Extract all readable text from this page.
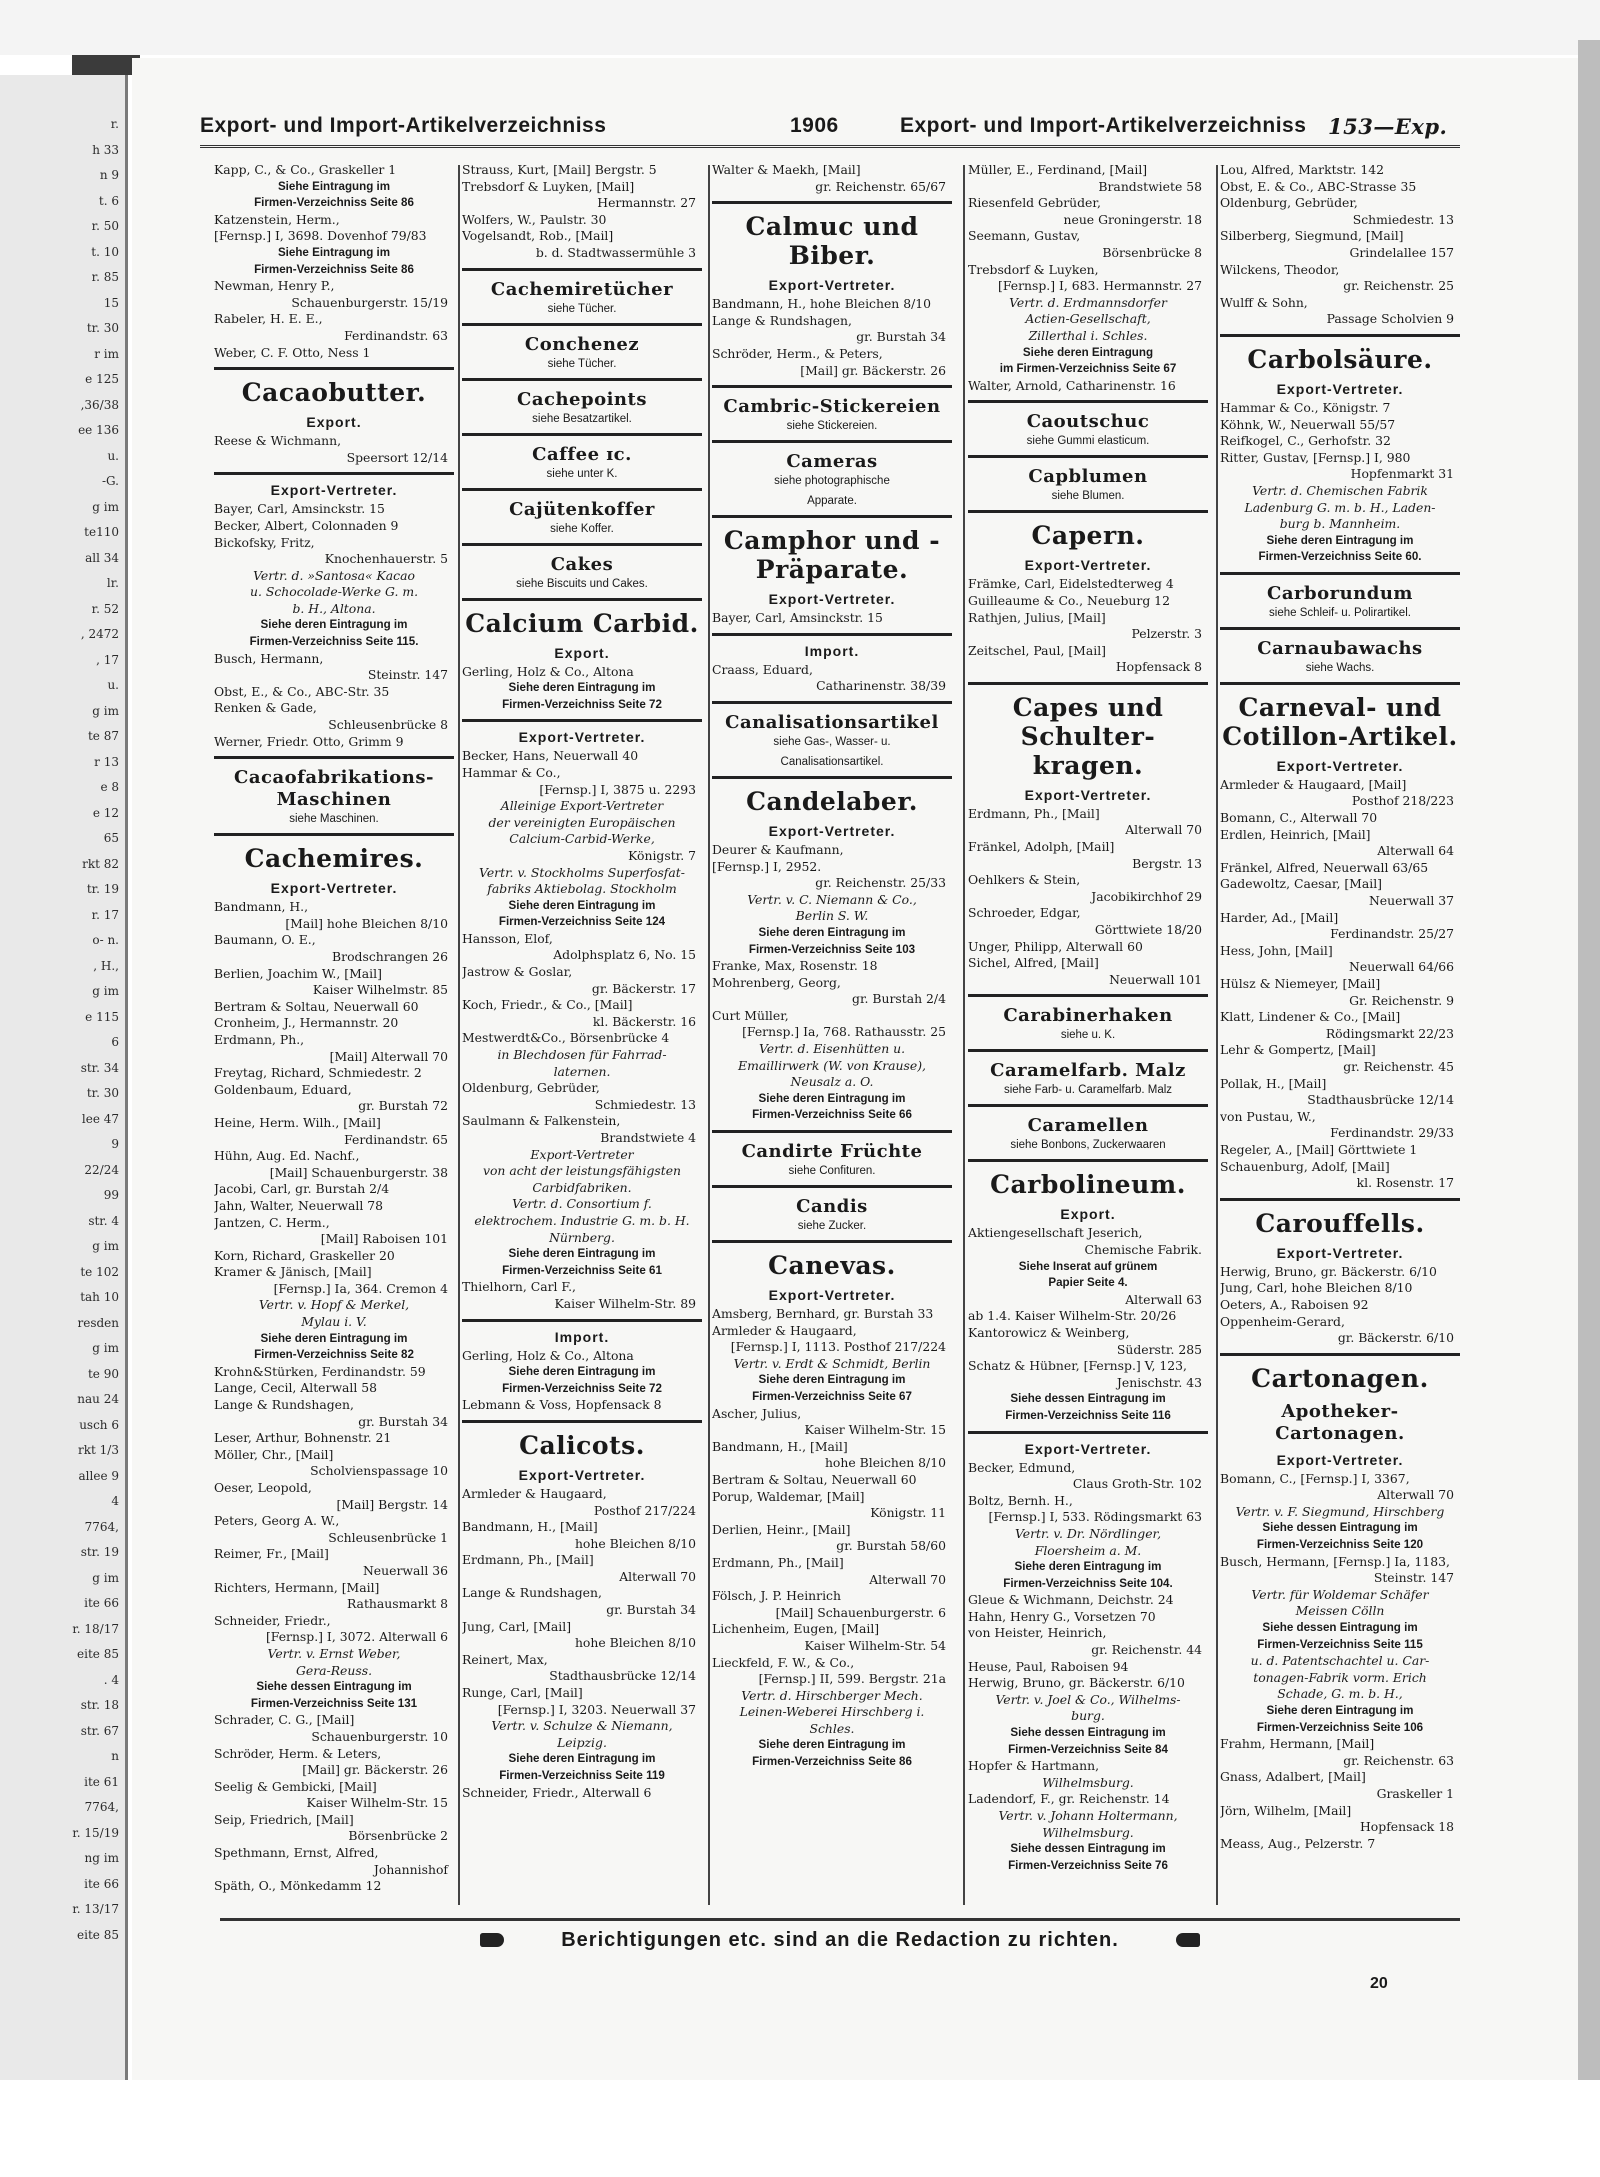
r.
h 33
n 9
t. 6
r. 50
t. 10
r. 85
15
tr. 30
r im
e 125
,36/38
ee 136
u.
-G.
g im
te110
all 34
lr.
r. 52
, 2472
, 17
u.
g im
te 87
r 13
e 8
e 12
65
rkt 82
tr. 19
r. 17
o- n.
, H.,
g im
e 115
6
str. 34
tr. 30
lee 47
9
22/24
99
str. 4
g im
te 102
tah 10
resden
g im
te 90
nau 24
usch 6
rkt 1/3
allee 9
4
7764,
str. 19
g im
ite 66
r. 18/17
eite 85
. 4
str. 18
str. 67
n
ite 61
7764,
r. 15/19
ng im
ite 66
r. 13/17
eite 85
Export- und Import-Artikelverzeichniss	1906	Export- und Import-Artikelverzeichniss 153—Exp.
Kapp, C., & Co., Graskeller 1
Siehe Eintragung im
Firmen-Verzeichniss Seite 86
Katzenstein, Herm.,
[Fernsp.] I, 3698. Dovenhof 79/83
Siehe Eintragung im
Firmen-Verzeichniss Seite 86
Newman, Henry P.,
Schauenburgerstr. 15/19
Rabeler, H. E. E.,
Ferdinandstr. 63
Weber, C. F. Otto, Ness 1
Cacaobutter.
Export.
Reese & Wichmann,
Speersort 12/14
Export-Vertreter.
Bayer, Carl, Amsinckstr. 15
Becker, Albert, Colonnaden 9
Bickofsky, Fritz,
Knochenhauerstr. 5
Vertr. d. »Santosa« Kacao
u. Schocolade-Werke G. m.
b. H., Altona.
Siehe deren Eintragung im
Firmen-Verzeichniss Seite 115.
Busch, Hermann,
Steinstr. 147
Obst, E., & Co., ABC-Str. 35
Renken & Gade,
Schleusenbrücke 8
Werner, Friedr. Otto, Grimm 9
Cacaofabrikations-Maschinen
siehe Maschinen.
Cachemires.
Export-Vertreter.
Bandmann, H.,
[Mail] hohe Bleichen 8/10
Baumann, O. E.,
Brodschrangen 26
Berlien, Joachim W., [Mail]
Kaiser Wilhelmstr. 85
Bertram & Soltau, Neuerwall 60
Cronheim, J., Hermannstr. 20
Erdmann, Ph.,
[Mail] Alterwall 70
Freytag, Richard, Schmiedestr. 2
Goldenbaum, Eduard,
gr. Burstah 72
Heine, Herm. Wilh., [Mail]
Ferdinandstr. 65
Hühn, Aug. Ed. Nachf.,
[Mail] Schauenburgerstr. 38
Jacobi, Carl, gr. Burstah 2/4
Jahn, Walter, Neuerwall 78
Jantzen, C. Herm.,
[Mail] Raboisen 101
Korn, Richard, Graskeller 20
Kramer & Jänisch, [Mail]
[Fernsp.] Ia, 364. Cremon 4
Vertr. v. Hopf & Merkel,
Mylau i. V.
Siehe deren Eintragung im
Firmen-Verzeichniss Seite 82
Krohn&Stürken, Ferdinandstr. 59
Lange, Cecil, Alterwall 58
Lange & Rundshagen,
gr. Burstah 34
Leser, Arthur, Bohnenstr. 21
Möller, Chr., [Mail]
Scholvienspassage 10
Oeser, Leopold,
[Mail] Bergstr. 14
Peters, Georg A. W.,
Schleusenbrücke 1
Reimer, Fr., [Mail]
Neuerwall 36
Richters, Hermann, [Mail]
Rathausmarkt 8
Schneider, Friedr.,
[Fernsp.] I, 3072. Alterwall 6
Vertr. v. Ernst Weber,
Gera-Reuss.
Siehe dessen Eintragung im
Firmen-Verzeichniss Seite 131
Schrader, C. G., [Mail]
Schauenburgerstr. 10
Schröder, Herm. & Leters,
[Mail] gr. Bäckerstr. 26
Seelig & Gembicki, [Mail]
Kaiser Wilhelm-Str. 15
Seip, Friedrich, [Mail]
Börsenbrücke 2
Spethmann, Ernst, Alfred,
Johannishof
Späth, O., Mönkedamm 12
Strauss, Kurt, [Mail] Bergstr. 5
Trebsdorf & Luyken, [Mail]
Hermannstr. 27
Wolfers, W., Paulstr. 30
Vogelsandt, Rob., [Mail]
b. d. Stadtwassermühle 3
Cachemiretücher
siehe Tücher.
Conchenez
siehe Tücher.
Cachepoints
siehe Besatzartikel.
Caffee ɪc.
siehe unter K.
Cajütenkoffer
siehe Koffer.
Cakes
siehe Biscuits und Cakes.
Calcium Carbid.
Export.
Gerling, Holz & Co., Altona
Siehe deren Eintragung im
Firmen-Verzeichniss Seite 72
Export-Vertreter.
Becker, Hans, Neuerwall 40
Hammar & Co.,
[Fernsp.] I, 3875 u. 2293
Alleinige Export-Vertreter
der vereinigten Europäischen
Calcium-Carbid-Werke,
Königstr. 7
Vertr. v. Stockholms Superfosfat-
fabriks Aktiebolag. Stockholm
Siehe deren Eintragung im
Firmen-Verzeichniss Seite 124
Hansson, Elof,
Adolphsplatz 6, No. 15
Jastrow & Goslar,
gr. Bäckerstr. 17
Koch, Friedr., & Co., [Mail]
kl. Bäckerstr. 16
Mestwerdt&Co., Börsenbrücke 4
in Blechdosen für Fahrrad-
laternen.
Oldenburg, Gebrüder,
Schmiedestr. 13
Saulmann & Falkenstein,
Brandstwiete 4
Export-Vertreter
von acht der leistungsfähigsten
Carbidfabriken.
Vertr. d. Consortium f.
elektrochem. Industrie G. m. b. H.
Nürnberg.
Siehe deren Eintragung im
Firmen-Verzeichniss Seite 61
Thielhorn, Carl F.,
Kaiser Wilhelm-Str. 89
Import.
Gerling, Holz & Co., Altona
Siehe deren Eintragung im
Firmen-Verzeichniss Seite 72
Lebmann & Voss, Hopfensack 8
Calicots.
Export-Vertreter.
Armleder & Haugaard,
Posthof 217/224
Bandmann, H., [Mail]
hohe Bleichen 8/10
Erdmann, Ph., [Mail]
Alterwall 70
Lange & Rundshagen,
gr. Burstah 34
Jung, Carl, [Mail]
hohe Bleichen 8/10
Reinert, Max,
Stadthausbrücke 12/14
Runge, Carl, [Mail]
[Fernsp.] I, 3203. Neuerwall 37
Vertr. v. Schulze & Niemann,
Leipzig.
Siehe deren Eintragung im
Firmen-Verzeichniss Seite 119
Schneider, Friedr., Alterwall 6
Walter & Maekh, [Mail]
gr. Reichenstr. 65/67
Calmuc und Biber.
Export-Vertreter.
Bandmann, H., hohe Bleichen 8/10
Lange & Rundshagen,
gr. Burstah 34
Schröder, Herm., & Peters,
[Mail] gr. Bäckerstr. 26
Cambric-Stickereien
siehe Stickereien.
Cameras
siehe photographische
Apparate.
Camphor und -Präparate.
Export-Vertreter.
Bayer, Carl, Amsinckstr. 15
Import.
Craass, Eduard,
Catharinenstr. 38/39
Canalisationsartikel
siehe Gas-, Wasser- u.
Canalisationsartikel.
Candelaber.
Export-Vertreter.
Deurer & Kaufmann,
[Fernsp.] I, 2952.
gr. Reichenstr. 25/33
Vertr. v. C. Niemann & Co.,
Berlin S. W.
Siehe deren Eintragung im
Firmen-Verzeichniss Seite 103
Franke, Max, Rosenstr. 18
Mohrenberg, Georg,
gr. Burstah 2/4
Curt Müller,
[Fernsp.] Ia, 768. Rathausstr. 25
Vertr. d. Eisenhütten u.
Emaillirwerk (W. von Krause),
Neusalz a. O.
Siehe deren Eintragung im
Firmen-Verzeichniss Seite 66
Candirte Früchte
siehe Confituren.
Candis
siehe Zucker.
Canevas.
Export-Vertreter.
Amsberg, Bernhard, gr. Burstah 33
Armleder & Haugaard,
[Fernsp.] I, 1113. Posthof 217/224
Vertr. v. Erdt & Schmidt, Berlin
Siehe deren Eintragung im
Firmen-Verzeichniss Seite 67
Ascher, Julius,
Kaiser Wilhelm-Str. 15
Bandmann, H., [Mail]
hohe Bleichen 8/10
Bertram & Soltau, Neuerwall 60
Porup, Waldemar, [Mail]
Königstr. 11
Derlien, Heinr., [Mail]
gr. Burstah 58/60
Erdmann, Ph., [Mail]
Alterwall 70
Fölsch, J. P. Heinrich
[Mail] Schauenburgerstr. 6
Lichenheim, Eugen, [Mail]
Kaiser Wilhelm-Str. 54
Lieckfeld, F. W., & Co.,
[Fernsp.] II, 599. Bergstr. 21a
Vertr. d. Hirschberger Mech.
Leinen-Weberei Hirschberg i.
Schles.
Siehe deren Eintragung im
Firmen-Verzeichniss Seite 86
Müller, E., Ferdinand, [Mail]
Brandstwiete 58
Riesenfeld Gebrüder,
neue Groningerstr. 18
Seemann, Gustav,
Börsenbrücke 8
Trebsdorf & Luyken,
[Fernsp.] I, 683. Hermannstr. 27
Vertr. d. Erdmannsdorfer
Actien-Gesellschaft,
Zillerthal i. Schles.
Siehe deren Eintragung
im Firmen-Verzeichniss Seite 67
Walter, Arnold, Catharinenstr. 16
Caoutschuc
siehe Gummi elasticum.
Capblumen
siehe Blumen.
Capern.
Export-Vertreter.
Främke, Carl, Eidelstedterweg 4
Guilleaume & Co., Neueburg 12
Rathjen, Julius, [Mail]
Pelzerstr. 3
Zeitschel, Paul, [Mail]
Hopfensack 8
Capes und Schulter-kragen.
Export-Vertreter.
Erdmann, Ph., [Mail]
Alterwall 70
Fränkel, Adolph, [Mail]
Bergstr. 13
Oehlkers & Stein,
Jacobikirchhof 29
Schroeder, Edgar,
Görttwiete 18/20
Unger, Philipp, Alterwall 60
Sichel, Alfred, [Mail]
Neuerwall 101
Carabinerhaken
siehe u. K.
Caramelfarb. Malz
siehe Farb- u. Caramelfarb. Malz
Caramellen
siehe Bonbons, Zuckerwaaren
Carbolineum.
Export.
Aktiengesellschaft Jeserich,
Chemische Fabrik.
Siehe Inserat auf grünem
Papier Seite 4.
Alterwall 63
ab 1.4. Kaiser Wilhelm-Str. 20/26
Kantorowicz & Weinberg,
Süderstr. 285
Schatz & Hübner, [Fernsp.] V, 123,
Jenischstr. 43
Siehe dessen Eintragung im
Firmen-Verzeichniss Seite 116
Export-Vertreter.
Becker, Edmund,
Claus Groth-Str. 102
Boltz, Bernh. H.,
[Fernsp.] I, 533. Rödingsmarkt 63
Vertr. v. Dr. Nördlinger,
Floersheim a. M.
Siehe deren Eintragung im
Firmen-Verzeichniss Seite 104.
Gleue & Wichmann, Deichstr. 24
Hahn, Henry G., Vorsetzen 70
von Heister, Heinrich,
gr. Reichenstr. 44
Heuse, Paul, Raboisen 94
Herwig, Bruno, gr. Bäckerstr. 6/10
Vertr. v. Joel & Co., Wilhelms-
burg.
Siehe dessen Eintragung im
Firmen-Verzeichniss Seite 84
Hopfer & Hartmann,
Wilhelmsburg.
Ladendorf, F., gr. Reichenstr. 14
Vertr. v. Johann Holtermann,
Wilhelmsburg.
Siehe dessen Eintragung im
Firmen-Verzeichniss Seite 76
Lou, Alfred, Marktstr. 142
Obst, E. & Co., ABC-Strasse 35
Oldenburg, Gebrüder,
Schmiedestr. 13
Silberberg, Siegmund, [Mail]
Grindelallee 157
Wilckens, Theodor,
gr. Reichenstr. 25
Wulff & Sohn,
Passage Scholvien 9
Carbolsäure.
Export-Vertreter.
Hammar & Co., Königstr. 7
Köhnk, W., Neuerwall 55/57
Reifkogel, C., Gerhofstr. 32
Ritter, Gustav, [Fernsp.] I, 980
Hopfenmarkt 31
Vertr. d. Chemischen Fabrik
Ladenburg G. m. b. H., Laden-
burg b. Mannheim.
Siehe deren Eintragung im
Firmen-Verzeichniss Seite 60.
Carborundum
siehe Schleif- u. Polirartikel.
Carnaubawachs
siehe Wachs.
Carneval- und Cotillon-Artikel.
Export-Vertreter.
Armleder & Haugaard, [Mail]
Posthof 218/223
Bomann, C., Alterwall 70
Erdlen, Heinrich, [Mail]
Alterwall 64
Fränkel, Alfred, Neuerwall 63/65
Gadewoltz, Caesar, [Mail]
Neuerwall 37
Harder, Ad., [Mail]
Ferdinandstr. 25/27
Hess, John, [Mail]
Neuerwall 64/66
Hülsz & Niemeyer, [Mail]
Gr. Reichenstr. 9
Klatt, Lindener & Co., [Mail]
Rödingsmarkt 22/23
Lehr & Gompertz, [Mail]
gr. Reichenstr. 45
Pollak, H., [Mail]
Stadthausbrücke 12/14
von Pustau, W.,
Ferdinandstr. 29/33
Regeler, A., [Mail] Görttwiete 1
Schauenburg, Adolf, [Mail]
kl. Rosenstr. 17
Carouffells.
Export-Vertreter.
Herwig, Bruno, gr. Bäckerstr. 6/10
Jung, Carl, hohe Bleichen 8/10
Oeters, A., Raboisen 92
Oppenheim-Gerard,
gr. Bäckerstr. 6/10
Cartonagen.
Apotheker-Cartonagen.
Export-Vertreter.
Bomann, C., [Fernsp.] I, 3367,
Alterwall 70
Vertr. v. F. Siegmund, Hirschberg
Siehe dessen Eintragung im
Firmen-Verzeichniss Seite 120
Busch, Hermann, [Fernsp.] Ia, 1183,
Steinstr. 147
Vertr. für Woldemar Schäfer
Meissen Cölln
Siehe dessen Eintragung im
Firmen-Verzeichniss Seite 115
u. d. Patentschachtel u. Car-
tonagen-Fabrik vorm. Erich
Schade, G. m. b. H.,
Siehe deren Eintragung im
Firmen-Verzeichniss Seite 106
Frahm, Hermann, [Mail]
gr. Reichenstr. 63
Gnass, Adalbert, [Mail]
Graskeller 1
Jörn, Wilhelm, [Mail]
Hopfensack 18
Meass, Aug., Pelzerstr. 7
Berichtigungen etc. sind an die Redaction zu richten.
20
